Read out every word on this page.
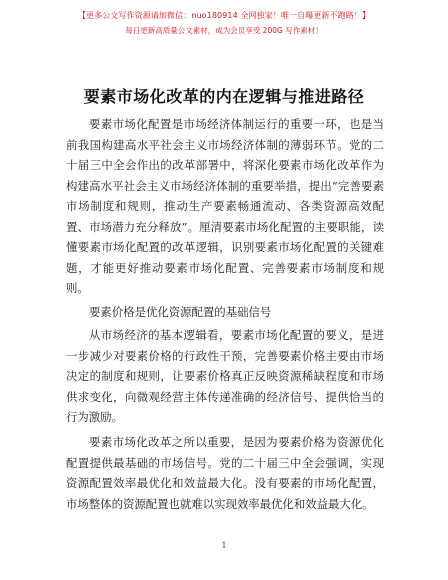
【更多公文写作资源请加微信：nuo180914 全网独家！唯一自曝更新不跑路！】
每日更新高质量公文素材，成为会员享受 200G 写作素材！
要素市场化改革的内在逻辑与推进路径

要素市场化配置是市场经济体制运行的重要一环，也是当前我国构建高水平社会主义市场经济体制的薄弱环节。党的二十届三中全会作出的改革部署中，将深化要素市场化改革作为构建高水平社会主义市场经济体制的重要举措，提出“完善要素市场制度和规则，推动生产要素畅通流动、各类资源高效配置、市场潜力充分释放”。厘清要素市场化配置的主要职能，读懂要素市场化配置的改革逻辑，识别要素市场化配置的关键难题，才能更好推动要素市场化配置、完善要素市场制度和规则。

要素价格是优化资源配置的基础信号

从市场经济的基本逻辑看，要素市场化配置的要义，是进一步减少对要素价格的行政性干预，完善要素价格主要由市场决定的制度和规则，让要素价格真正反映资源稀缺程度和市场供求变化，向微观经营主体传递准确的经济信号、提供恰当的行为激励。

要素市场化改革之所以重要，是因为要素价格为资源优化配置提供最基础的市场信号。党的二十届三中全会强调，实现资源配置效率最优化和效益最大化。没有要素的市场化配置，市场整体的资源配置也就难以实现效率最优化和效益最大化。

1
